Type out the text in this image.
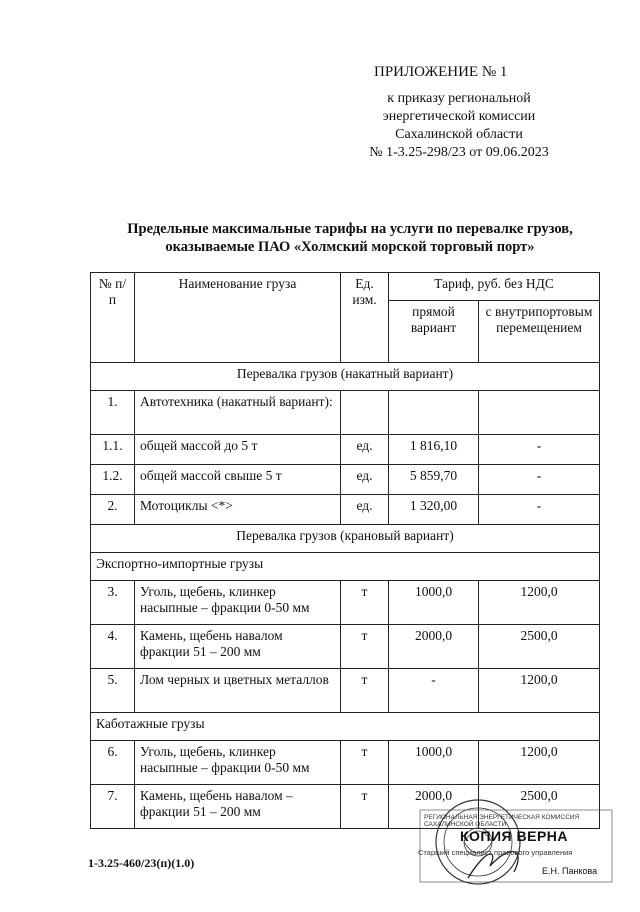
ПРИЛОЖЕНИЕ № 1
к приказу региональной
энергетической комиссии
Сахалинской области
№ 1-3.25-298/23 от 09.06.2023
Предельные максимальные тарифы на услуги по перевалке грузов,
оказываемые ПАО «Холмский морской торговый порт»
№ п/п	Наименование груза	Ед. изм.	Тариф, руб. без НДС	
			прямой вариант	с внутрипортовым перемещением
Перевалка грузов (накатный вариант)				
1.	Автотехника (накатный вариант):			
1.1.	общей массой до 5 т	ед.	1 816,10	-
1.2.	общей массой свыше 5 т	ед.	5 859,70	-
2.	Мотоциклы <*>	ед.	1 320,00	-
Перевалка грузов (крановый вариант)				
Экспортно-импортные грузы				
3.	Уголь, щебень, клинкер насыпные – фракции 0-50 мм	т	1000,0	1200,0
4.	Камень, щебень навалом фракции 51 – 200 мм	т	2000,0	2500,0
5.	Лом черных и цветных металлов	т	-	1200,0
Каботажные грузы				
6.	Уголь, щебень, клинкер насыпные – фракции 0-50 мм	т	1000,0	1200,0
7.	Камень, щебень навалом – фракции 51 – 200 мм	т	2000,0	2500,0
1-3.25-460/23(п)(1.0)
РЕГИОНАЛЬНАЯ ЭНЕРГЕТИЧЕСКАЯ КОМИССИЯ САХАЛИНСКОЙ ОБЛАСТИ
КОПИЯ ВЕРНА
Старший специалист правового управления
Е.Н. Панкова
